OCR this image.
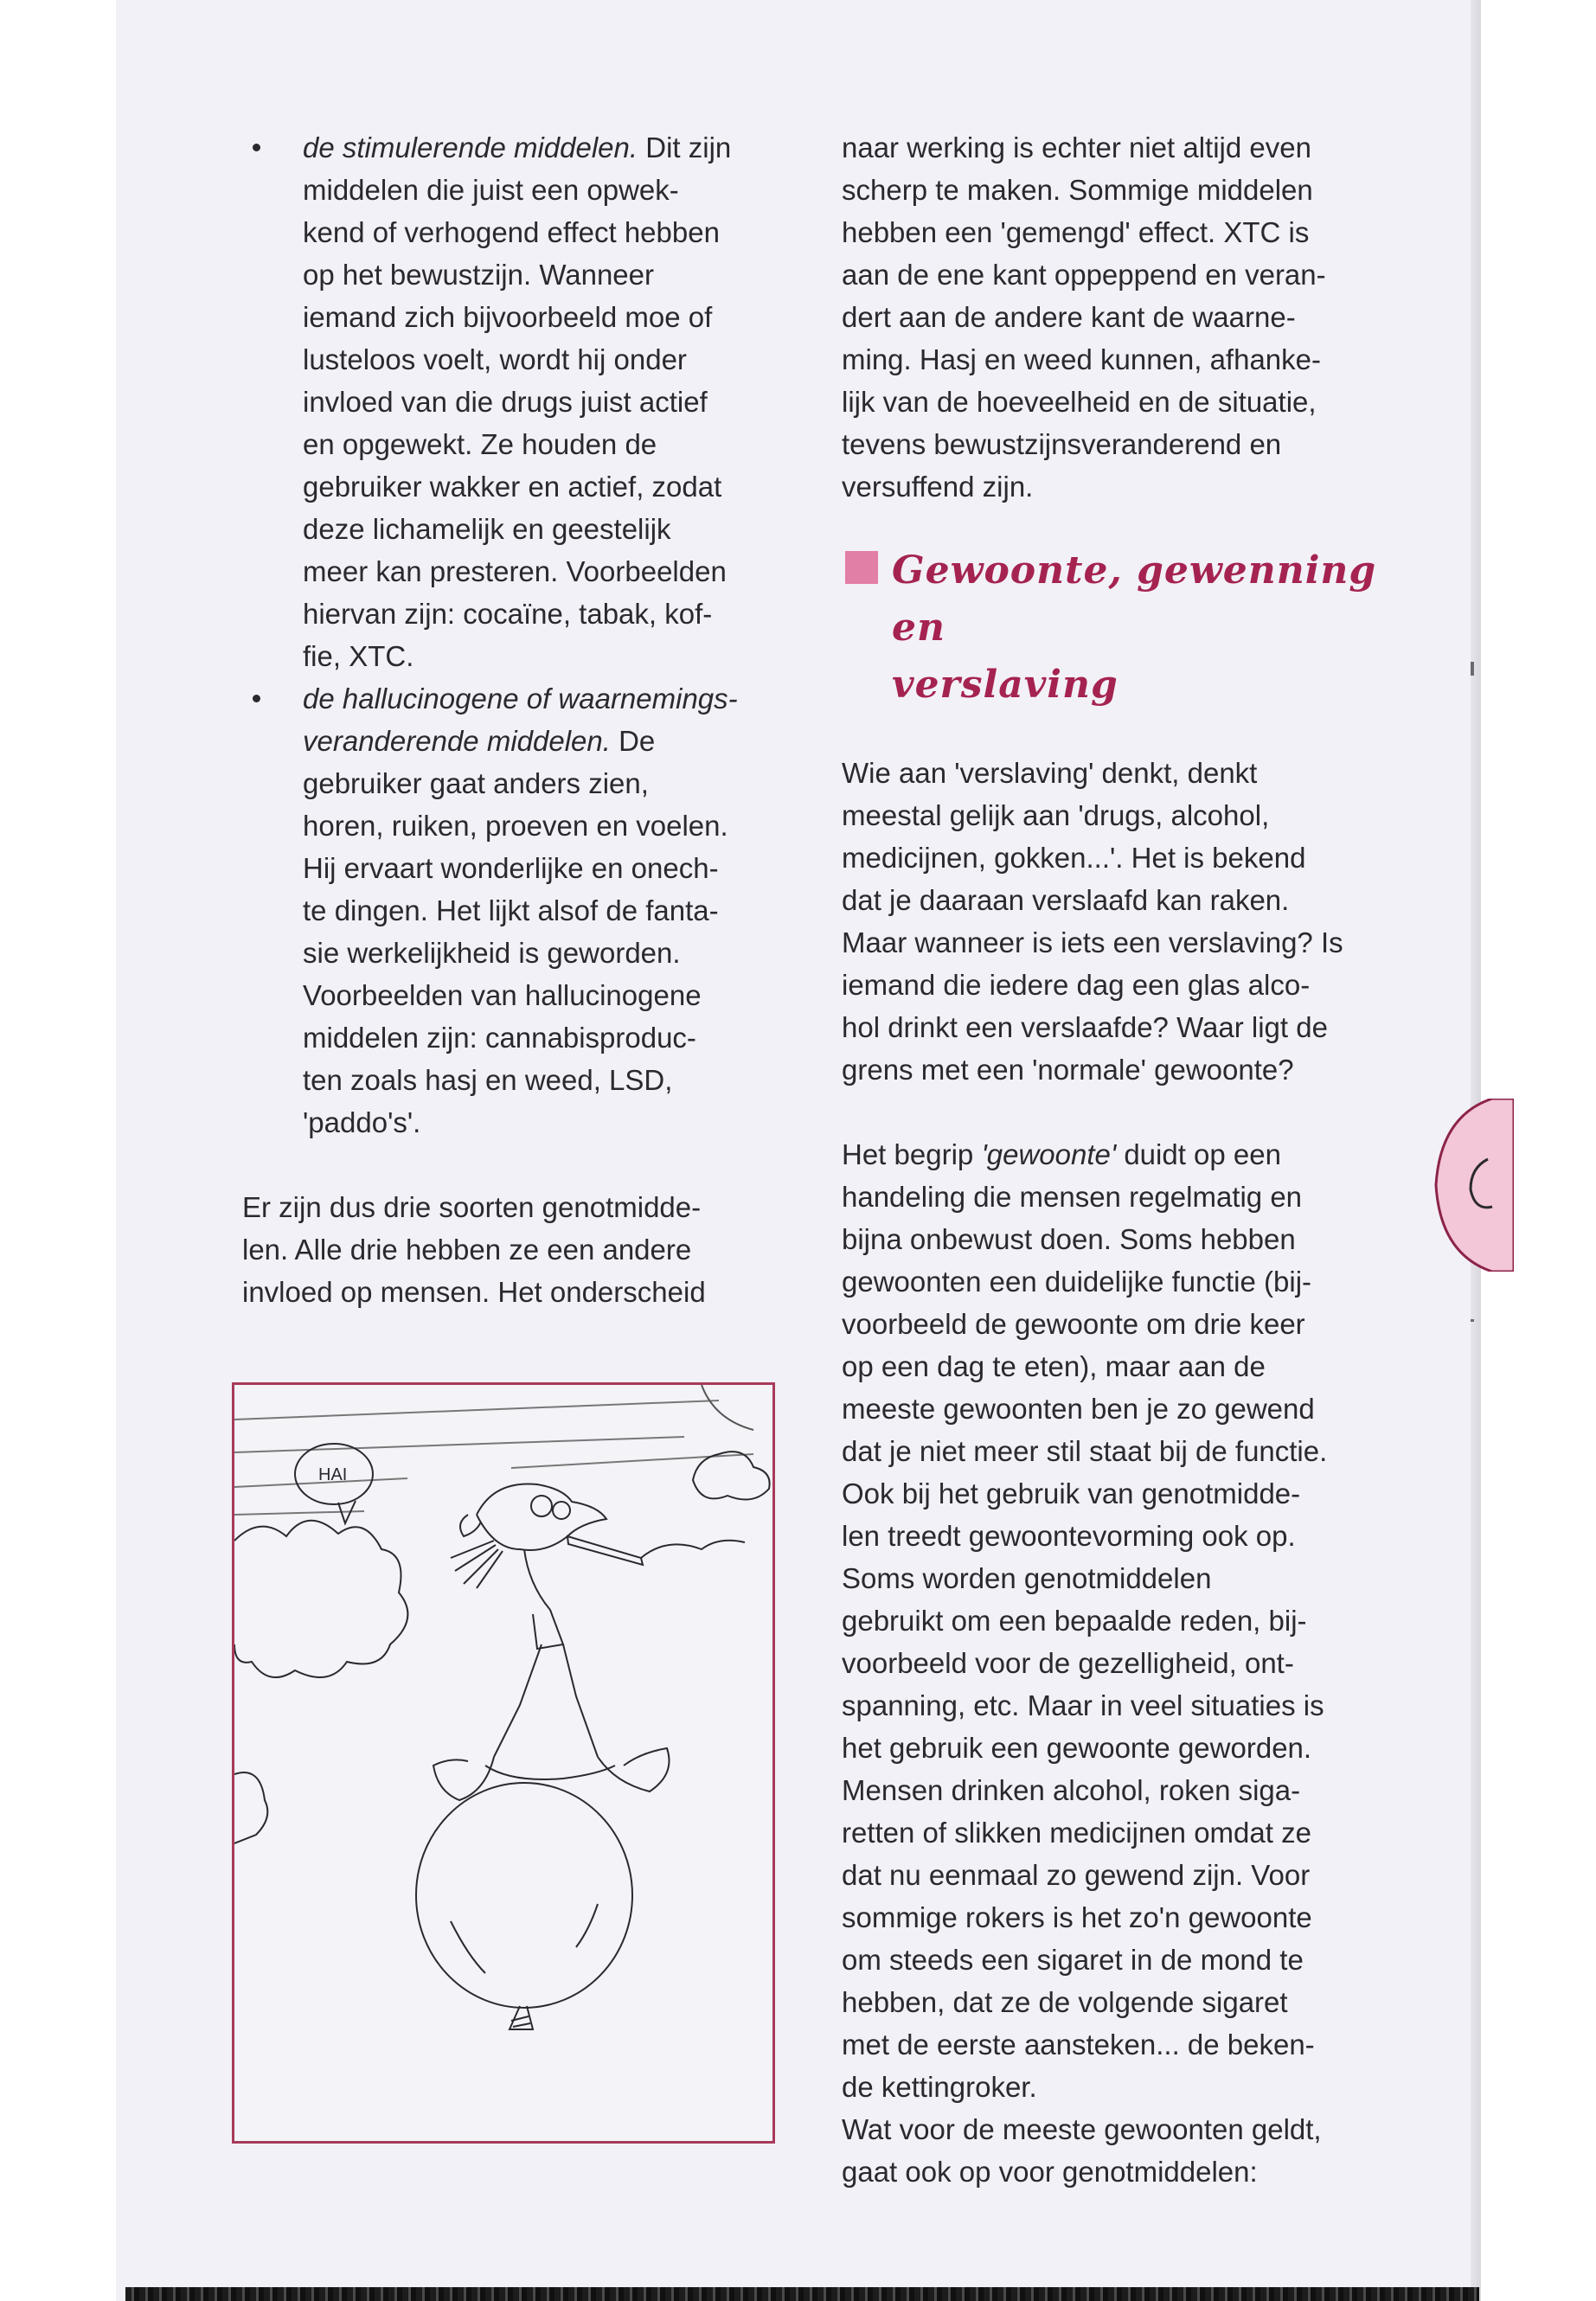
de stimulerende middelen. Dit zijn

middelen die juist een opwek-

kend of verhogend effect hebben

op het bewustzijn. Wanneer

iemand zich bijvoorbeeld moe of

lusteloos voelt, wordt hij onder

invloed van die drugs juist actief

en opgewekt. Ze houden de

gebruiker wakker en actief, zodat

deze lichamelijk en geestelijk

meer kan presteren. Voorbeelden

hiervan zijn: cocaïne, tabak, kof-

fie, XTC.

de hallucinogene of waarnemings-

veranderende middelen. De

gebruiker gaat anders zien,

horen, ruiken, proeven en voelen.

Hij ervaart wonderlijke en onech-

te dingen. Het lijkt alsof de fanta-

sie werkelijkheid is geworden.

Voorbeelden van hallucinogene

middelen zijn: cannabisproduc-

ten zoals hasj en weed, LSD,

'paddo's'.

Er zijn dus drie soorten genotmidde-

len. Alle drie hebben ze een andere

invloed op mensen. Het onderscheid

HAI

naar werking is echter niet altijd even

scherp te maken. Sommige middelen

hebben een 'gemengd' effect. XTC is

aan de ene kant oppeppend en veran-

dert aan de andere kant de waarne-

ming. Hasj en weed kunnen, afhanke-

lijk van de hoeveelheid en de situatie,

tevens bewustzijnsveranderend en

versuffend zijn.

Gewoonte, gewenning en

verslaving

Wie aan 'verslaving' denkt, denkt

meestal gelijk aan 'drugs, alcohol,

medicijnen, gokken...'. Het is bekend

dat je daaraan verslaafd kan raken.

Maar wanneer is iets een verslaving? Is

iemand die iedere dag een glas alco-

hol drinkt een verslaafde? Waar ligt de

grens met een 'normale' gewoonte?

Het begrip 'gewoonte' duidt op een

handeling die mensen regelmatig en

bijna onbewust doen. Soms hebben

gewoonten een duidelijke functie (bij-

voorbeeld de gewoonte om drie keer

op een dag te eten), maar aan de

meeste gewoonten ben je zo gewend

dat je niet meer stil staat bij de functie.

Ook bij het gebruik van genotmidde-

len treedt gewoontevorming ook op.

Soms worden genotmiddelen

gebruikt om een bepaalde reden, bij-

voorbeeld voor de gezelligheid, ont-

spanning, etc. Maar in veel situaties is

het gebruik een gewoonte geworden.

Mensen drinken alcohol, roken siga-

retten of slikken medicijnen omdat ze

dat nu eenmaal zo gewend zijn. Voor

sommige rokers is het zo'n gewoonte

om steeds een sigaret in de mond te

hebben, dat ze de volgende sigaret

met de eerste aansteken... de beken-

de kettingroker.

Wat voor de meeste gewoonten geldt,

gaat ook op voor genotmiddelen:
